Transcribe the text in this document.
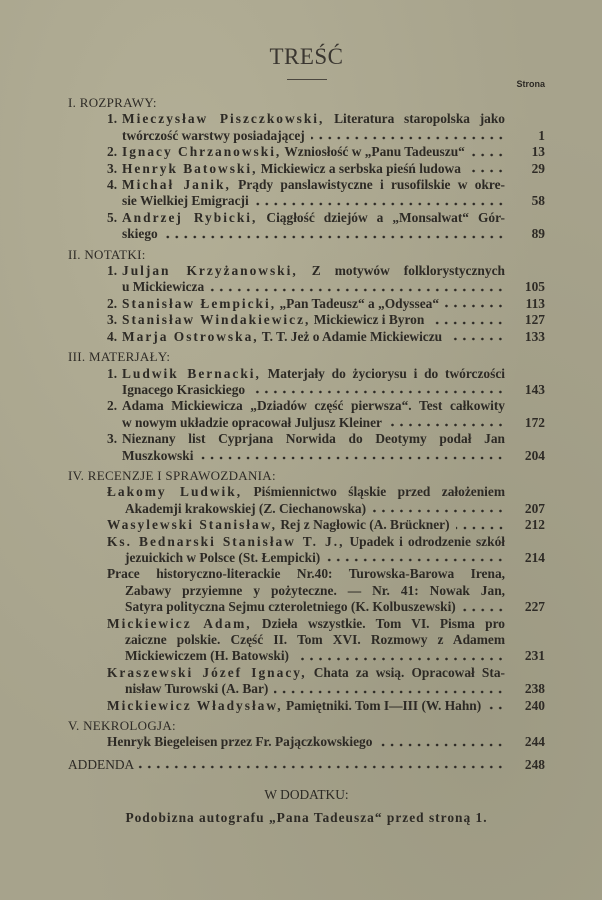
TREŚĆ
Strona
I. ROZPRAWY:
1. Mieczysław Piszczkowski, Literatura staropolska jako
twórczość warstwy posiadającej	1
2. Ignacy Chrzanowski, Wzniosłość w „Panu Tadeuszu“	13
3. Henryk Batowski, Mickiewicz a serbska pieśń ludowa	29
4. Michał Janik, Prądy panslawistyczne i rusofilskie w okre-
sie Wielkiej Emigracji	58
5. Andrzej Rybicki, Ciągłość dziejów a „Monsalwat“ Gór-
skiego	89
II. NOTATKI:
1. Juljan Krzyżanowski, Z motywów folklorystycznych
u Mickiewicza	105
2. Stanisław Łempicki, „Pan Tadeusz“ a „Odyssea“	113
3. Stanisław Windakiewicz, Mickiewicz i Byron	127
4. Marja Ostrowska, T. T. Jeż o Adamie Mickiewiczu	133
III. MATERJAŁY:
1. Ludwik Bernacki, Materjały do życiorysu i do twórczości
Ignacego Krasickiego	143
2. Adama Mickiewicza „Dziadów część pierwsza“. Test całkowity
w nowym układzie opracował Juljusz Kleiner	172
3. Nieznany list Cyprjana Norwida do Deotymy podał Jan
Muszkowski	204
IV. RECENZJE I SPRAWOZDANIA:
Łakomy Ludwik, Piśmiennictwo śląskie przed założeniem
Akademji krakowskiej (Z. Ciechanowska)	207
Wasylewski Stanisław, Rej z Nagłowic (A. Brückner)	212
Ks. Bednarski Stanisław T. J., Upadek i odrodzenie szkół
jezuickich w Polsce (St. Łempicki)	214
Prace historyczno-literackie Nr.40: Turowska-Barowa Irena,
Zabawy przyiemne y pożyteczne. — Nr. 41: Nowak Jan,
Satyra polityczna Sejmu czteroletniego (K. Kolbuszewski)	227
Mickiewicz Adam, Dzieła wszystkie. Tom VI. Pisma pro
zaiczne polskie. Część II. Tom XVI. Rozmowy z Adamem
Mickiewiczem (H. Batowski)	231
Kraszewski Józef Ignacy, Chata za wsią. Opracował Sta-
nisław Turowski (A. Bar)	238
Mickiewicz Władysław, Pamiętniki. Tom I—III (W. Hahn)	240
V. NEKROLOGJA:
Henryk Biegeleisen przez Fr. Pajączkowskiego	244
ADDENDA	248
W DODATKU:
Podobizna autografu „Pana Tadeusza“ przed stroną 1.
